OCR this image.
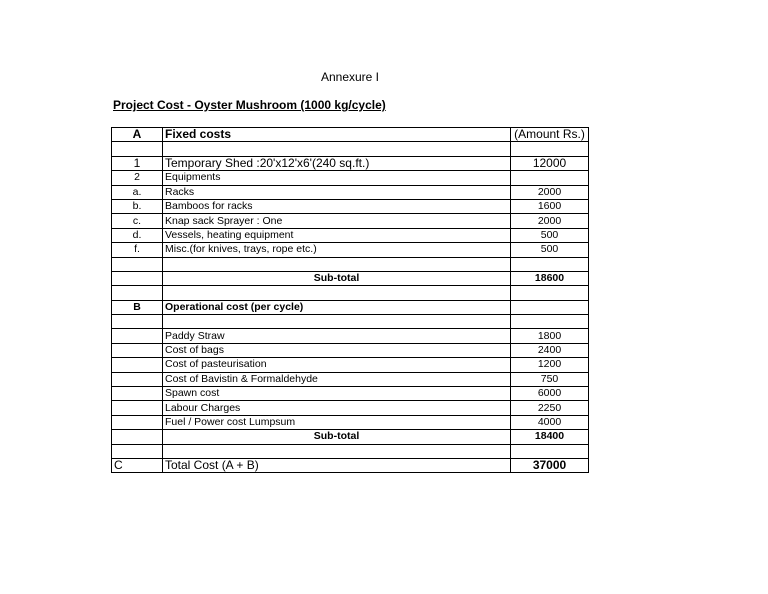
Annexure I
Project Cost - Oyster Mushroom (1000 kg/cycle)
A	Fixed costs	(Amount Rs.)

1	Temporary Shed :20'x12'x6'(240 sq.ft.)	12000
2	Equipments	
a.	Racks	2000
b.	Bamboos for racks	1600
c.	Knap sack Sprayer : One	2000
d.	Vessels, heating equipment	500
f.	Misc.(for knives, trays, rope etc.)	500

	Sub-total	18600

B	Operational cost (per cycle)	

	Paddy Straw	1800
	Cost of bags	2400
	Cost of pasteurisation	1200
	Cost of Bavistin & Formaldehyde	750
	Spawn cost	6000
	Labour Charges	2250
	Fuel / Power cost Lumpsum	4000
	Sub-total	18400

C	Total Cost (A + B)	37000
